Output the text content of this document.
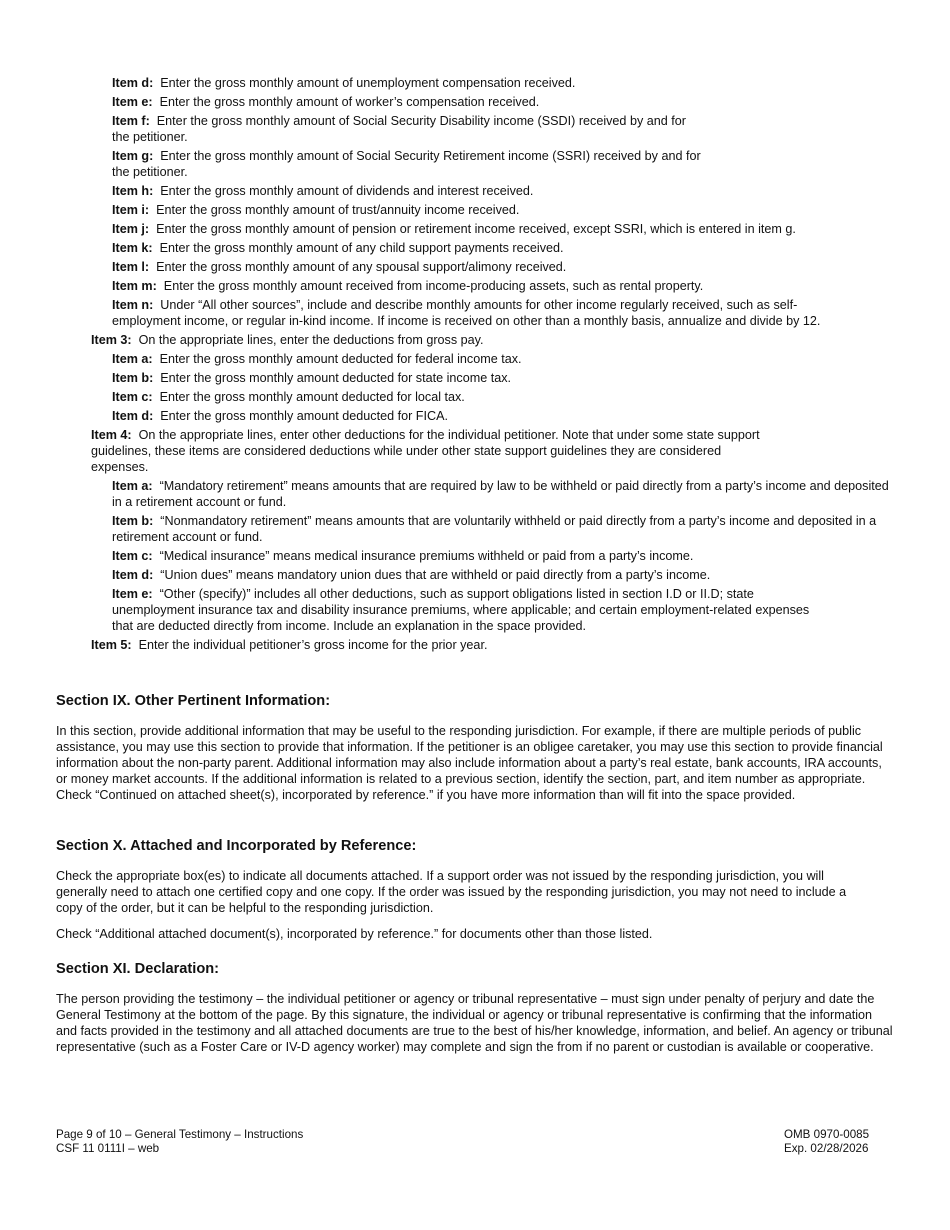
Item d: Enter the gross monthly amount of unemployment compensation received.
Item e: Enter the gross monthly amount of worker’s compensation received.
Item f: Enter the gross monthly amount of Social Security Disability income (SSDI) received by and for the petitioner.
Item g: Enter the gross monthly amount of Social Security Retirement income (SSRI) received by and for the petitioner.
Item h: Enter the gross monthly amount of dividends and interest received.
Item i: Enter the gross monthly amount of trust/annuity income received.
Item j: Enter the gross monthly amount of pension or retirement income received, except SSRI, which is entered in item g.
Item k: Enter the gross monthly amount of any child support payments received.
Item l: Enter the gross monthly amount of any spousal support/alimony received.
Item m: Enter the gross monthly amount received from income-producing assets, such as rental property.
Item n: Under “All other sources”, include and describe monthly amounts for other income regularly received, such as self-employment income, or regular in-kind income. If income is received on other than a monthly basis, annualize and divide by 12.
Item 3: On the appropriate lines, enter the deductions from gross pay.
Item a: Enter the gross monthly amount deducted for federal income tax.
Item b: Enter the gross monthly amount deducted for state income tax.
Item c: Enter the gross monthly amount deducted for local tax.
Item d: Enter the gross monthly amount deducted for FICA.
Item 4: On the appropriate lines, enter other deductions for the individual petitioner. Note that under some state support guidelines, these items are considered deductions while under other state support guidelines they are considered expenses.
Item a: “Mandatory retirement” means amounts that are required by law to be withheld or paid directly from a party’s income and deposited in a retirement account or fund.
Item b: “Nonmandatory retirement” means amounts that are voluntarily withheld or paid directly from a party’s income and deposited in a retirement account or fund.
Item c: “Medical insurance” means medical insurance premiums withheld or paid from a party’s income.
Item d: “Union dues” means mandatory union dues that are withheld or paid directly from a party’s income.
Item e: “Other (specify)” includes all other deductions, such as support obligations listed in section I.D or II.D; state unemployment insurance tax and disability insurance premiums, where applicable; and certain employment-related expenses that are deducted directly from income. Include an explanation in the space provided.
Item 5: Enter the individual petitioner’s gross income for the prior year.
Section IX. Other Pertinent Information:
In this section, provide additional information that may be useful to the responding jurisdiction. For example, if there are multiple periods of public assistance, you may use this section to provide that information. If the petitioner is an obligee caretaker, you may use this section to provide financial information about the non-party parent. Additional information may also include information about a party’s real estate, bank accounts, IRA accounts, or money market accounts. If the additional information is related to a previous section, identify the section, part, and item number as appropriate. Check “Continued on attached sheet(s), incorporated by reference.” if you have more information than will fit into the space provided.
Section X. Attached and Incorporated by Reference:
Check the appropriate box(es) to indicate all documents attached. If a support order was not issued by the responding jurisdiction, you will generally need to attach one certified copy and one copy. If the order was issued by the responding jurisdiction, you may not need to include a copy of the order, but it can be helpful to the responding jurisdiction.
Check “Additional attached document(s), incorporated by reference.” for documents other than those listed.
Section XI. Declaration:
The person providing the testimony – the individual petitioner or agency or tribunal representative – must sign under penalty of perjury and date the General Testimony at the bottom of the page. By this signature, the individual or agency or tribunal representative is confirming that the information and facts provided in the testimony and all attached documents are true to the best of his/her knowledge, information, and belief. An agency or tribunal representative (such as a Foster Care or IV-D agency worker) may complete and sign the from if no parent or custodian is available or cooperative.
Page 9 of 10 – General Testimony – Instructions
CSF 11 0111I – web
OMB 0970-0085
Exp. 02/28/2026
